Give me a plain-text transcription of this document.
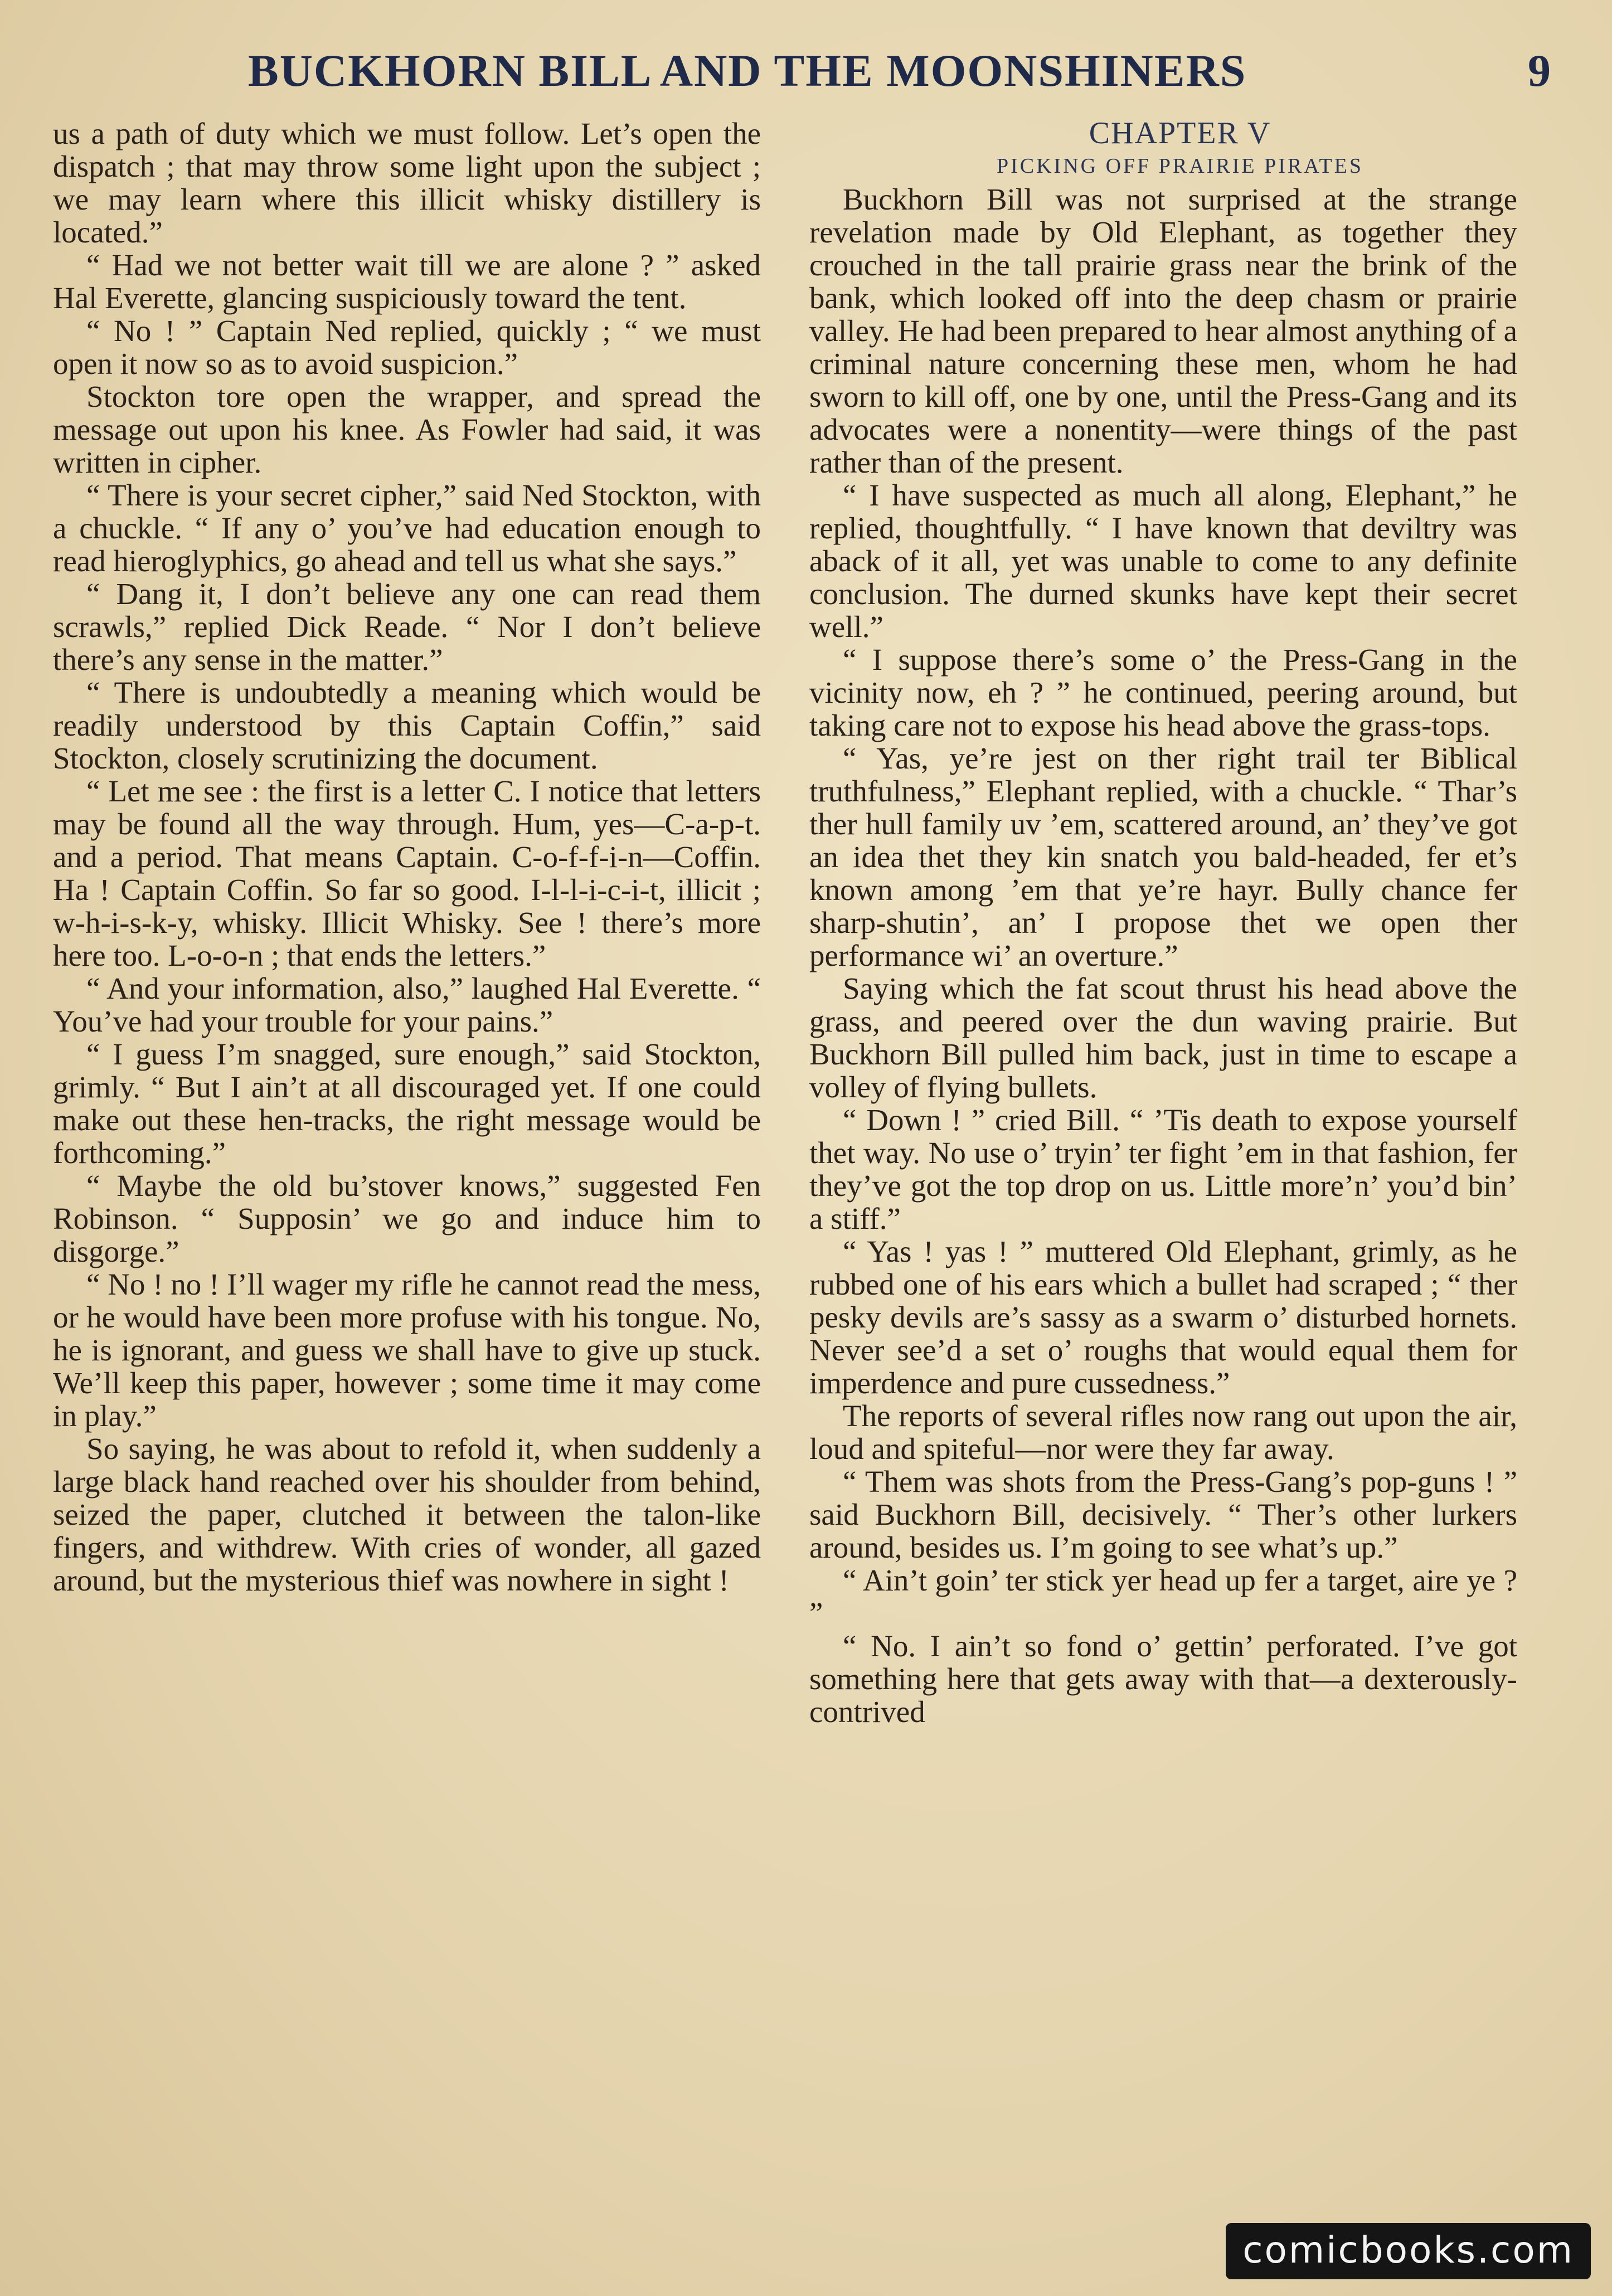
BUCKHORN BILL AND THE MOONSHINERS	9

us a path of duty which we must follow. Let’s open the dispatch ; that may throw some light upon the subject ; we may learn where this illicit whisky distillery is located.”

“ Had we not better wait till we are alone ? ” asked Hal Everette, glancing suspiciously toward the tent.

“ No ! ” Captain Ned replied, quickly ; “ we must open it now so as to avoid suspicion.”

Stockton tore open the wrapper, and spread the message out upon his knee. As Fowler had said, it was written in cipher.

“ There is your secret cipher,” said Ned Stockton, with a chuckle. “ If any o’ you’ve had education enough to read hieroglyphics, go ahead and tell us what she says.”

“ Dang it, I don’t believe any one can read them scrawls,” replied Dick Reade. “ Nor I don’t believe there’s any sense in the matter.”

“ There is undoubtedly a meaning which would be readily understood by this Captain Coffin,” said Stockton, closely scrutinizing the document.

“ Let me see : the first is a letter C. I notice that letters may be found all the way through. Hum, yes—C-a-p-t. and a period. That means Captain. C-o-f-f-i-n—Coffin. Ha ! Captain Coffin. So far so good. I-l-l-i-c-i-t, illicit ; w-h-i-s-k-y, whisky. Illicit Whisky. See ! there’s more here too. L-o-o-n ; that ends the letters.”

“ And your information, also,” laughed Hal Everette. “ You’ve had your trouble for your pains.”

“ I guess I’m snagged, sure enough,” said Stockton, grimly. “ But I ain’t at all discouraged yet. If one could make out these hen-tracks, the right message would be forthcoming.”

“ Maybe the old bu’stover knows,” suggested Fen Robinson. “ Supposin’ we go and induce him to disgorge.”

“ No ! no ! I’ll wager my rifle he cannot read the mess, or he would have been more profuse with his tongue. No, he is ignorant, and guess we shall have to give up stuck. We’ll keep this paper, however ; some time it may come in play.”

So saying, he was about to refold it, when suddenly a large black hand reached over his shoulder from behind, seized the paper, clutched it between the talon-like fingers, and withdrew. With cries of wonder, all gazed around, but the mysterious thief was nowhere in sight !

CHAPTER V

PICKING OFF PRAIRIE PIRATES

Buckhorn Bill was not surprised at the strange revelation made by Old Elephant, as together they crouched in the tall prairie grass near the brink of the bank, which looked off into the deep chasm or prairie valley. He had been prepared to hear almost anything of a criminal nature concerning these men, whom he had sworn to kill off, one by one, until the Press-Gang and its advocates were a nonentity—were things of the past rather than of the present.

“ I have suspected as much all along, Elephant,” he replied, thoughtfully. “ I have known that deviltry was aback of it all, yet was unable to come to any definite conclusion. The durned skunks have kept their secret well.”

“ I suppose there’s some o’ the Press-Gang in the vicinity now, eh ? ” he continued, peering around, but taking care not to expose his head above the grass-tops.

“ Yas, ye’re jest on ther right trail ter Biblical truthfulness,” Elephant replied, with a chuckle. “ Thar’s ther hull family uv ’em, scattered around, an’ they’ve got an idea thet they kin snatch you bald-headed, fer et’s known among ’em that ye’re hayr. Bully chance fer sharp-shutin’, an’ I propose thet we open ther performance wi’ an overture.”

Saying which the fat scout thrust his head above the grass, and peered over the dun waving prairie. But Buckhorn Bill pulled him back, just in time to escape a volley of flying bullets.

“ Down ! ” cried Bill. “ ’Tis death to expose yourself thet way. No use o’ tryin’ ter fight ’em in that fashion, fer they’ve got the top drop on us. Little more’n’ you’d bin’ a stiff.”

“ Yas ! yas ! ” muttered Old Elephant, grimly, as he rubbed one of his ears which a bullet had scraped ; “ ther pesky devils are’s sassy as a swarm o’ disturbed hornets. Never see’d a set o’ roughs that would equal them for imperdence and pure cussedness.”

The reports of several rifles now rang out upon the air, loud and spiteful—nor were they far away.

“ Them was shots from the Press-Gang’s pop-guns ! ” said Buckhorn Bill, decisively. “ Ther’s other lurkers around, besides us. I’m going to see what’s up.”

“ Ain’t goin’ ter stick yer head up fer a target, aire ye ? ”

“ No. I ain’t so fond o’ gettin’ perforated. I’ve got something here that gets away with that—a dexterously-contrived

comicbooks.com
